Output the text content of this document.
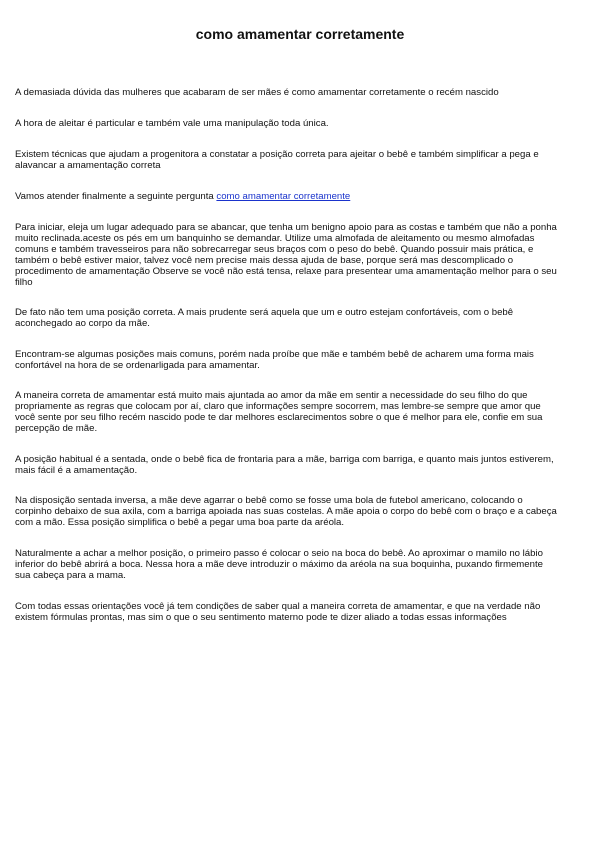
como amamentar corretamente

A demasiada dúvida das mulheres que acabaram de ser mães é como amamentar corretamente o recém nascido

A hora de aleitar é particular e também vale uma manipulação toda única.

Existem técnicas que ajudam a progenitora a constatar a posição correta para ajeitar o bebê e também simplificar a pega e
alavancar a amamentação correta

Vamos atender finalmente a seguinte pergunta como amamentar corretamente

Para iniciar, eleja um lugar adequado para se abancar, que tenha um benigno apoio para as costas e também que não a ponha
muito reclinada.aceste os pés em um banquinho se demandar. Utilize uma almofada de aleitamento ou mesmo almofadas
comuns e também travesseiros para não sobrecarregar seus braços com o peso do bebê. Quando possuir mais prática, e
também o bebê estiver maior, talvez você nem precise mais dessa ajuda de base, porque será mas descomplicado o
procedimento de amamentação Observe se você não está tensa, relaxe para presentear uma amamentação melhor para o seu
filho

De fato não tem uma posição correta. A mais prudente será aquela que um e outro estejam confortáveis, com o bebê
aconchegado ao corpo da mãe.

Encontram-se algumas posições mais comuns, porém nada proíbe que mãe e também bebê de acharem uma forma mais
confortável na hora de se ordenarligada para amamentar.

A maneira correta de amamentar está muito mais ajuntada ao amor da mãe em sentir a necessidade do seu filho do que
propriamente as regras que colocam por aí, claro que informações sempre socorrem, mas lembre-se sempre que amor que
você sente por seu filho recém nascido pode te dar melhores esclarecimentos sobre o que é melhor para ele, confie em sua
percepção de mãe.

A posição habitual é a sentada, onde o bebê fica de frontaria para a mãe, barriga com barriga, e quanto mais juntos estiverem,
mais fácil é a amamentação.

Na disposição sentada inversa, a mãe deve agarrar o bebê como se fosse uma bola de futebol americano, colocando o
corpinho debaixo de sua axila, com a barriga apoiada nas suas costelas. A mãe apoia o corpo do bebê com o braço e a cabeça
com a mão. Essa posição simplifica o bebê a pegar uma boa parte da aréola.

Naturalmente a achar a melhor posição, o primeiro passo é colocar o seio na boca do bebê. Ao aproximar o mamilo no lábio
inferior do bebê abrirá a boca. Nessa hora a mãe deve introduzir o máximo da aréola na sua boquinha, puxando firmemente
sua cabeça para a mama.

Com todas essas orientações você já tem condições de saber qual a maneira correta de amamentar, e que na verdade não
existem fórmulas prontas, mas sim o que o seu sentimento materno pode te dizer aliado a todas essas informações
